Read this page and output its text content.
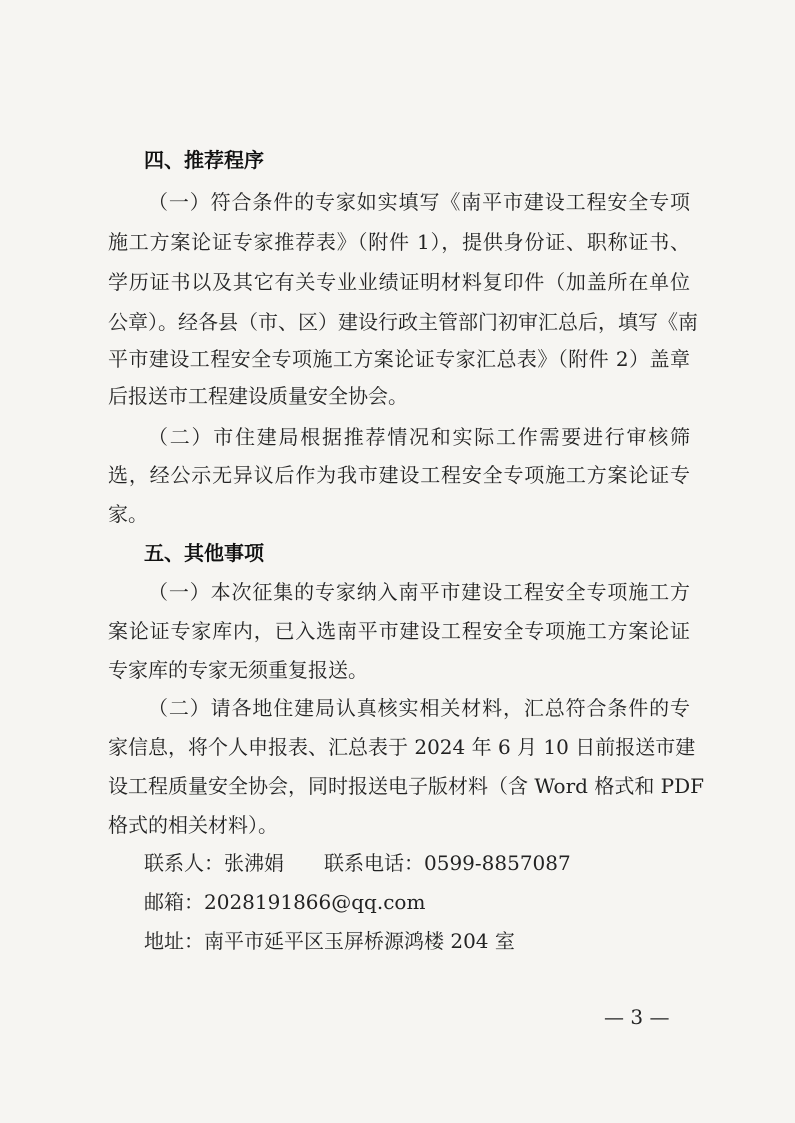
四、推荐程序
（一）符合条件的专家如实填写《南平市建设工程安全专项
施工方案论证专家推荐表》（附件 1），提供身份证、职称证书、
学历证书以及其它有关专业业绩证明材料复印件（加盖所在单位
公章）。经各县（市、区）建设行政主管部门初审汇总后，填写《南
平市建设工程安全专项施工方案论证专家汇总表》（附件 2）盖章
后报送市工程建设质量安全协会。
（二）市住建局根据推荐情况和实际工作需要进行审核筛
选，经公示无异议后作为我市建设工程安全专项施工方案论证专
家。
五、其他事项
（一）本次征集的专家纳入南平市建设工程安全专项施工方
案论证专家库内，已入选南平市建设工程安全专项施工方案论证
专家库的专家无须重复报送。
（二）请各地住建局认真核实相关材料，汇总符合条件的专
家信息，将个人申报表、汇总表于 2024 年 6 月 10 日前报送市建
设工程质量安全协会，同时报送电子版材料（含 Word 格式和 PDF
格式的相关材料）。
联系人：张沸娟 联系电话：0599-8857087
邮箱：2028191866@qq.com
地址：南平市延平区玉屏桥源鸿楼 204 室
— 3 —
